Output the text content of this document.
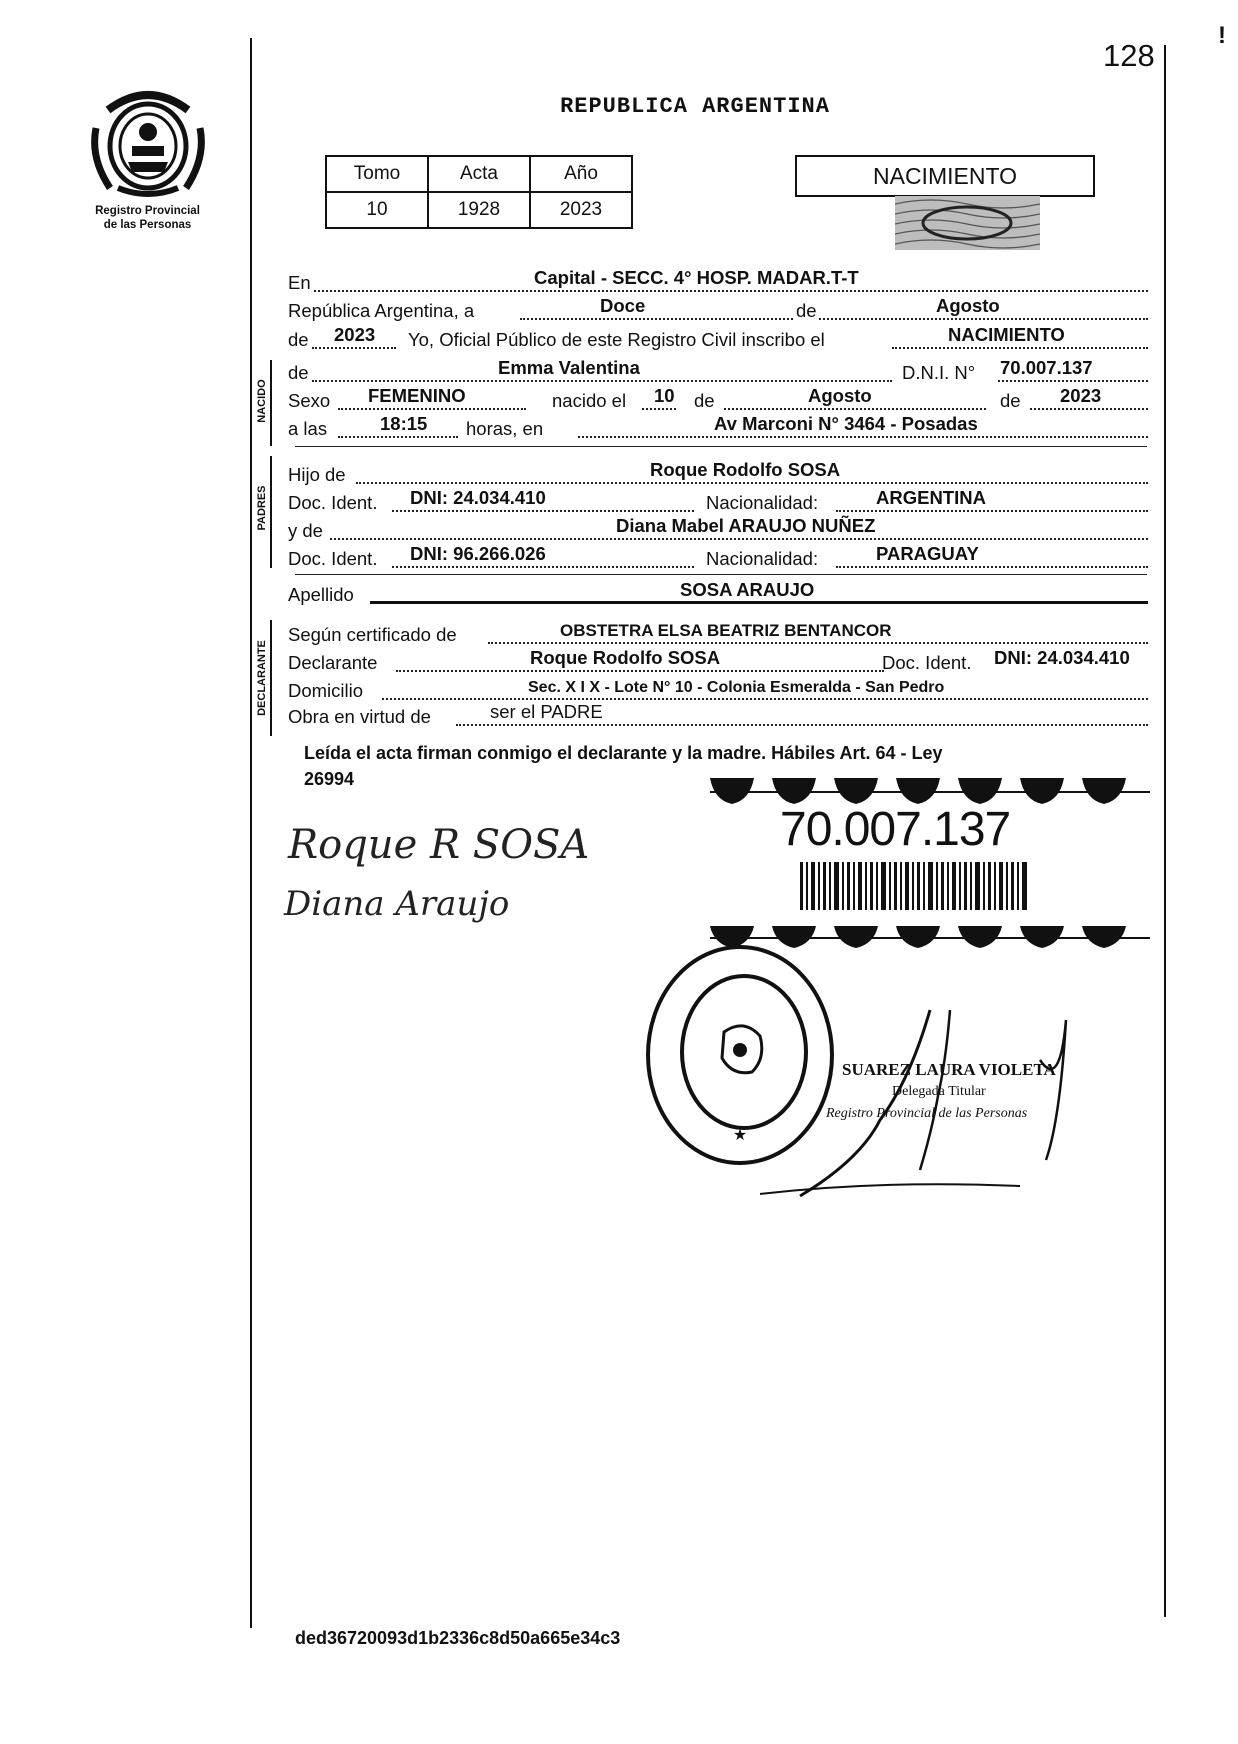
128
!
Registro Provincial
de las Personas
REPUBLICA ARGENTINA
Tomo	Acta	Año
10	1928	2023
NACIMIENTO
En	Capital - SECC. 4° HOSP. MADAR.T-T
República Argentina, a	Doce	de	Agosto
de 2023 Yo, Oficial Público de este Registro Civil inscribo el	NACIMIENTO
NACIDO
de	Emma Valentina	D.N.I. N° 70.007.137
Sexo FEMENINO	nacido el 10 de	Agosto	de 2023
a las	18:15 horas, en	Av Marconi N° 3464 - Posadas
PADRES
Hijo de	Roque Rodolfo SOSA
Doc. Ident. DNI: 24.034.410	Nacionalidad:	ARGENTINA
y de	Diana Mabel ARAUJO NUÑEZ
Doc. Ident. DNI: 96.266.026	Nacionalidad:	PARAGUAY
Apellido	SOSA ARAUJO
DECLARANTE
Según certificado de	OBSTETRA ELSA BEATRIZ BENTANCOR
Declarante	Roque Rodolfo SOSA	Doc. Ident. DNI: 24.034.410
Domicilio	Sec. X I X - Lote N° 10 - Colonia Esmeralda - San Pedro
Obra en virtud de	ser el PADRE
Leída el acta firman conmigo el declarante y la madre. Hábiles Art. 64 - Ley
26994
70.007.137
Roque R SOSA
Diana Araujo
★
SUAREZ LAURA VIOLETA
Delegada Titular
Registro Provincial de las Personas
ded36720093d1b2336c8d50a665e34c3
